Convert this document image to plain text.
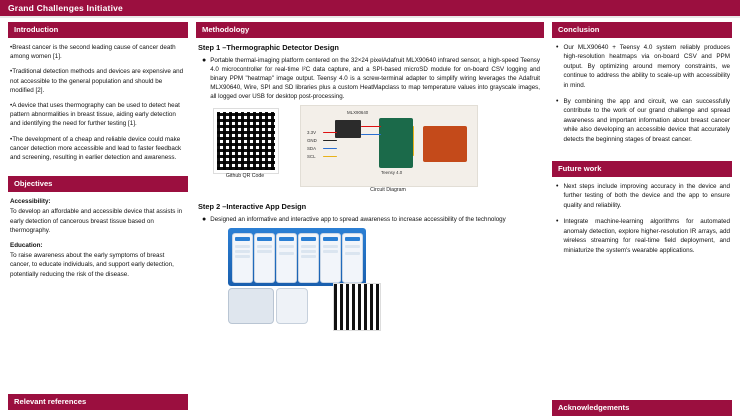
Grand Challenges Initiative
Introduction

•Breast cancer is the second leading cause of cancer death among women [1].

•Traditional detection methods and devices are expensive and not accessible to the general population and should be modified [2].

•A device that uses thermography can be used to detect heat pattern abnormalities in breast tissue, aiding early detection and identifying the need for further testing [1].

•The development of a cheap and reliable device could make cancer detection more accessible and lead to faster feedback and screening, resulting in earlier detection and awareness.

Objectives

Accessibility:
To develop an affordable and accessible device that assists in early detection of cancerous breast tissue based on thermography.

Education:
To raise awareness about the early symptoms of breast cancer, to educate individuals, and support early detection, potentially reducing the risk of the disease.

Relevant references
Methodology
Step 1 –Thermographic Detector Design
● Portable thermal-imaging platform centered on the 32×24 pixelAdafruit MLX90640 infrared sensor, a high-speed Teensy 4.0 microcontroller for real-time I²C data capture, and a SPI-based microSD module for on-board CSV logging and binary PPM "heatmap" image output. Teensy 4.0 is a screw-terminal adapter to simplify wiring leverages the Adafruit MLX90640, Wire, SPI and SD libraries plus a custom HeatMapclass to map temperature values into grayscale images, all logged over USB for desktop post-processing.
Github QR Code
MLX90640
3.3V
GND
SDA
SCL
Teensy 4.0
Circuit Diagram
Step 2 –Interactive App Design
● Designed an informative and interactive app to spread awareness to increase accessibility of the technology
Conclusion
• Our MLX90640 + Teensy 4.0 system reliably produces high-resolution heatmaps via on-board CSV and PPM output. By optimizing around memory constraints, we continue to address the ability to scale-up with accessibility in mind.
• By combining the app and circuit, we can successfully contribute to the work of our grand challenge and spread awareness and important information about breast cancer while also developing an accessible device that accurately detects the beginning stages of breast cancer.
Future work
• Next steps include improving accuracy in the device and further testing of both the device and the app to ensure quality and reliability.
• Integrate machine-learning algorithms for automated anomaly detection, explore higher-resolution IR arrays, add wireless streaming for real-time field deployment, and miniaturize the system's wearable applications.
Acknowledgements
